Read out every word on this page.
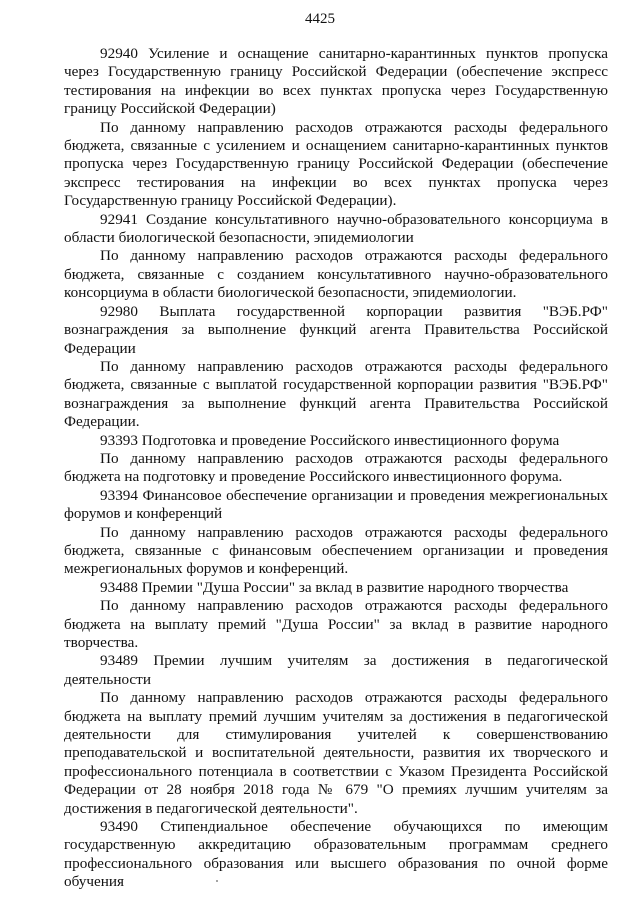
4425

92940 Усиление и оснащение санитарно-карантинных пунктов пропуска через Государственную границу Российской Федерации (обеспечение экспресс тестирования на инфекции во всех пунктах пропуска через Государственную границу Российской Федерации)

По данному направлению расходов отражаются расходы федерального бюджета, связанные с усилением и оснащением санитарно-карантинных пунктов пропуска через Государственную границу Российской Федерации (обеспечение экспресс тестирования на инфекции во всех пунктах пропуска через Государственную границу Российской Федерации).

92941 Создание консультативного научно-образовательного консорциума в области биологической безопасности, эпидемиологии

По данному направлению расходов отражаются расходы федерального бюджета, связанные с созданием консультативного научно-образовательного консорциума в области биологической безопасности, эпидемиологии.

92980 Выплата государственной корпорации развития "ВЭБ.РФ" вознаграждения за выполнение функций агента Правительства Российской Федерации

По данному направлению расходов отражаются расходы федерального бюджета, связанные с выплатой государственной корпорации развития "ВЭБ.РФ" вознаграждения за выполнение функций агента Правительства Российской Федерации.

93393 Подготовка и проведение Российского инвестиционного форума

По данному направлению расходов отражаются расходы федерального бюджета на подготовку и проведение Российского инвестиционного форума.

93394 Финансовое обеспечение организации и проведения межрегиональных форумов и конференций

По данному направлению расходов отражаются расходы федерального бюджета, связанные с финансовым обеспечением организации и проведения межрегиональных форумов и конференций.

93488 Премии "Душа России" за вклад в развитие народного творчества

По данному направлению расходов отражаются расходы федерального бюджета на выплату премий "Душа России" за вклад в развитие народного творчества.

93489 Премии лучшим учителям за достижения в педагогической деятельности

По данному направлению расходов отражаются расходы федерального бюджета на выплату премий лучшим учителям за достижения в педагогической деятельности для стимулирования учителей к совершенствованию преподавательской и воспитательной деятельности, развития их творческого и профессионального потенциала в соответствии с Указом Президента Российской Федерации от 28 ноября 2018 года № 679 "О премиях лучшим учителям за достижения в педагогической деятельности".

93490 Стипендиальное обеспечение обучающихся по имеющим государственную аккредитацию образовательным программам среднего профессионального образования или высшего образования по очной форме обучения
